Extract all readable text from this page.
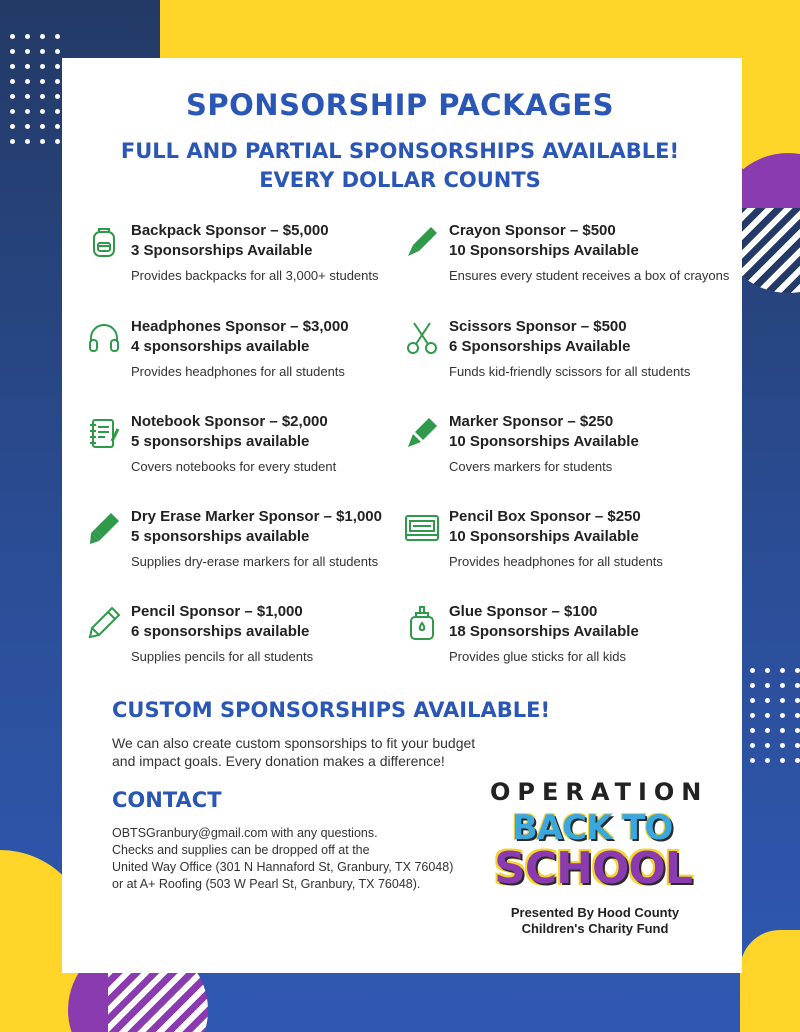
SPONSORSHIP PACKAGES
FULL AND PARTIAL SPONSORSHIPS AVAILABLE!
EVERY DOLLAR COUNTS
Backpack Sponsor – $5,000
3 Sponsorships Available
Provides backpacks for all 3,000+ students
Headphones Sponsor – $3,000
4 sponsorships available
Provides headphones for all students
Notebook Sponsor – $2,000
5 sponsorships available
Covers notebooks for every student
Dry Erase Marker Sponsor – $1,000
5 sponsorships available
Supplies dry-erase markers for all students
Pencil Sponsor – $1,000
6 sponsorships available
Supplies pencils for all students
Crayon Sponsor – $500
10 Sponsorships Available
Ensures every student receives a box of crayons
Scissors Sponsor – $500
6 Sponsorships Available
Funds kid-friendly scissors for all students
Marker Sponsor – $250
10 Sponsorships Available
Covers markers for students
Pencil Box Sponsor – $250
10 Sponsorships Available
Provides headphones for all students
Glue Sponsor – $100
18 Sponsorships Available
Provides glue sticks for all kids
CUSTOM SPONSORSHIPS AVAILABLE!
We can also create custom sponsorships to fit your budget
and impact goals. Every donation makes a difference!
CONTACT
OBTSGranbury@gmail.com with any questions.
Checks and supplies can be dropped off at the
United Way Office (301 N Hannaford St, Granbury, TX 76048)
or at A+ Roofing (503 W Pearl St, Granbury, TX 76048).
OPERATION
BACK TO
SCHOOL
Presented By Hood County
Children's Charity Fund
